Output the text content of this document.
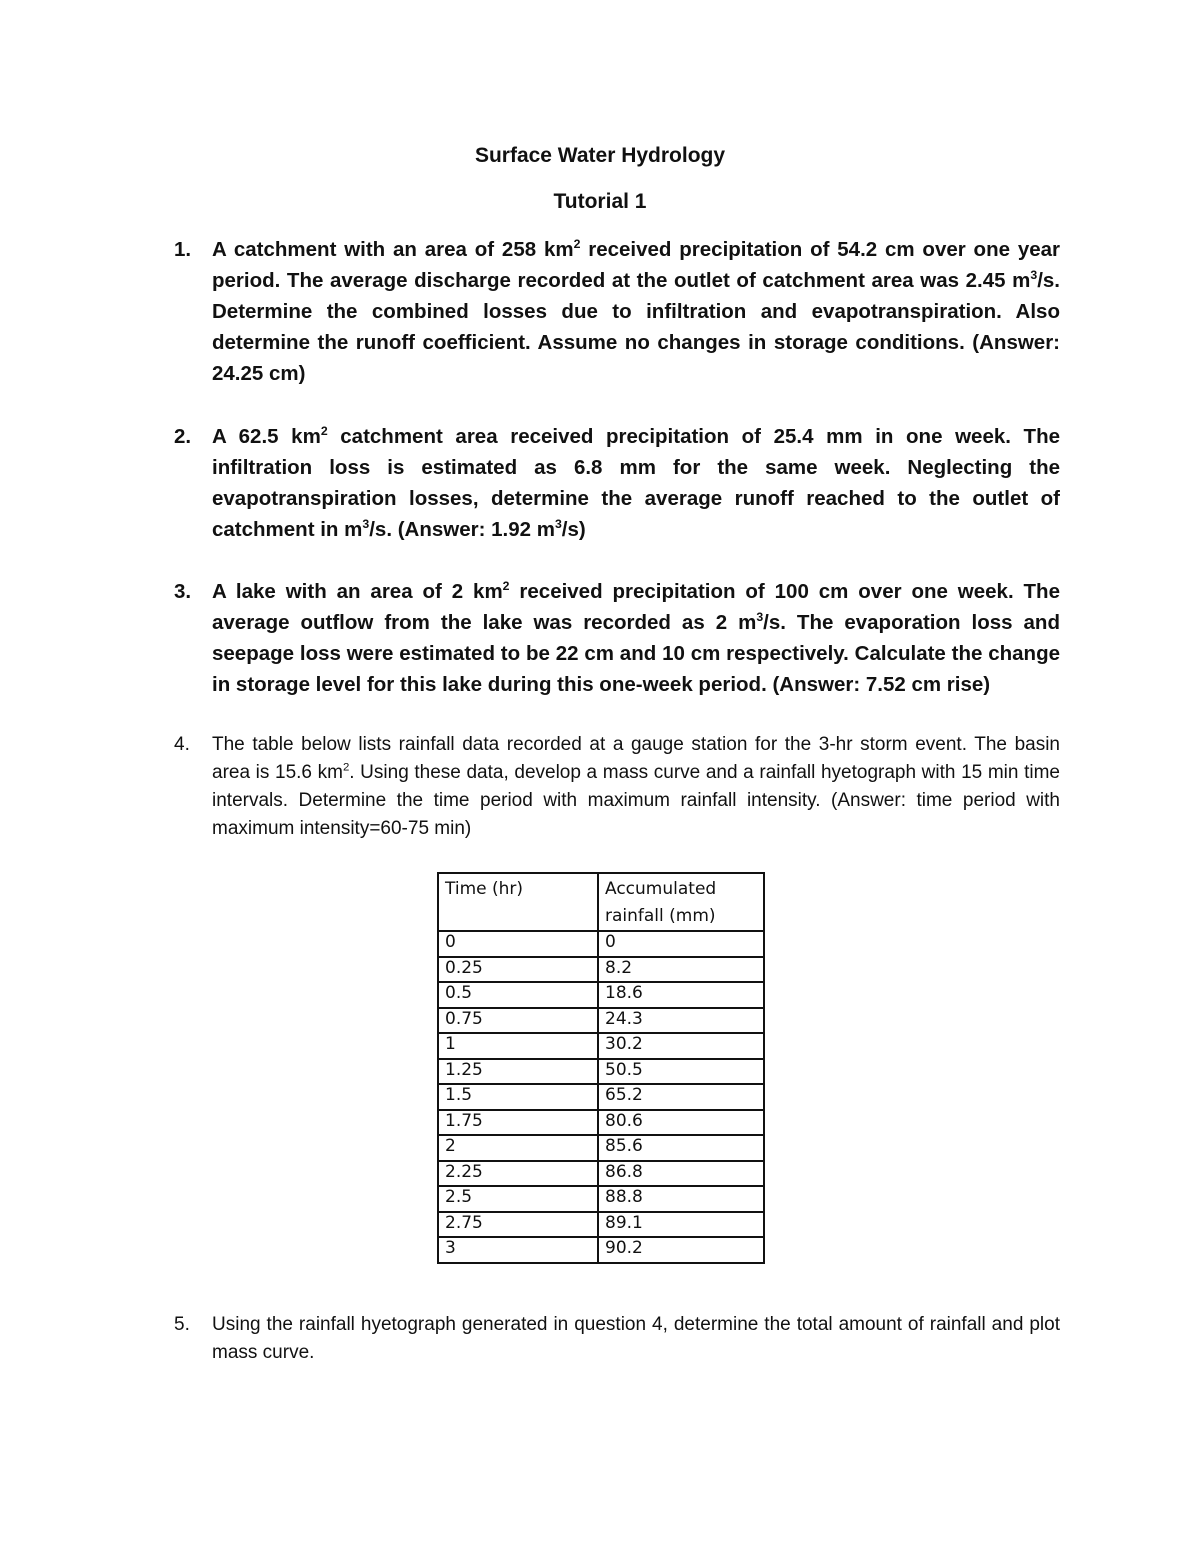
Surface Water Hydrology
Tutorial 1
1. A catchment with an area of 258 $km^2$ received precipitation of 54.2 cm over one year period. The average discharge recorded at the outlet of catchment area was 2.45 $m^3/s$. Determine the combined losses due to infiltration and evapotranspiration. Also determine the runoff coefficient. Assume no changes in storage conditions. (Answer: 24.25 cm)
2. A 62.5 $km^2$ catchment area received precipitation of 25.4 mm in one week. The infiltration loss is estimated as 6.8 mm for the same week. Neglecting the evapotranspiration losses, determine the average runoff reached to the outlet of catchment in $m^3/s$. (Answer: 1.92 $m^3/s$)
3. A lake with an area of 2 $km^2$ received precipitation of 100 cm over one week. The average outflow from the lake was recorded as 2 $m^3/s$. The evaporation loss and seepage loss were estimated to be 22 cm and 10 cm respectively. Calculate the change in storage level for this lake during this one-week period. (Answer: 7.52 cm rise)
4. The table below lists rainfall data recorded at a gauge station for the 3-hr storm event. The basin area is 15.6 $km^2$. Using these data, develop a mass curve and a rainfall hyetograph with 15 min time intervals. Determine the time period with maximum rainfall intensity. (Answer: time period with maximum intensity=60-75 min)
Time (hr)	Accumulated rainfall (mm)
0	0
0.25	8.2
0.5	18.6
0.75	24.3
1	30.2
1.25	50.5
1.5	65.2
1.75	80.6
2	85.6
2.25	86.8
2.5	88.8
2.75	89.1
3	90.2
5. Using the rainfall hyetograph generated in question 4, determine the total amount of rainfall and plot mass curve.
